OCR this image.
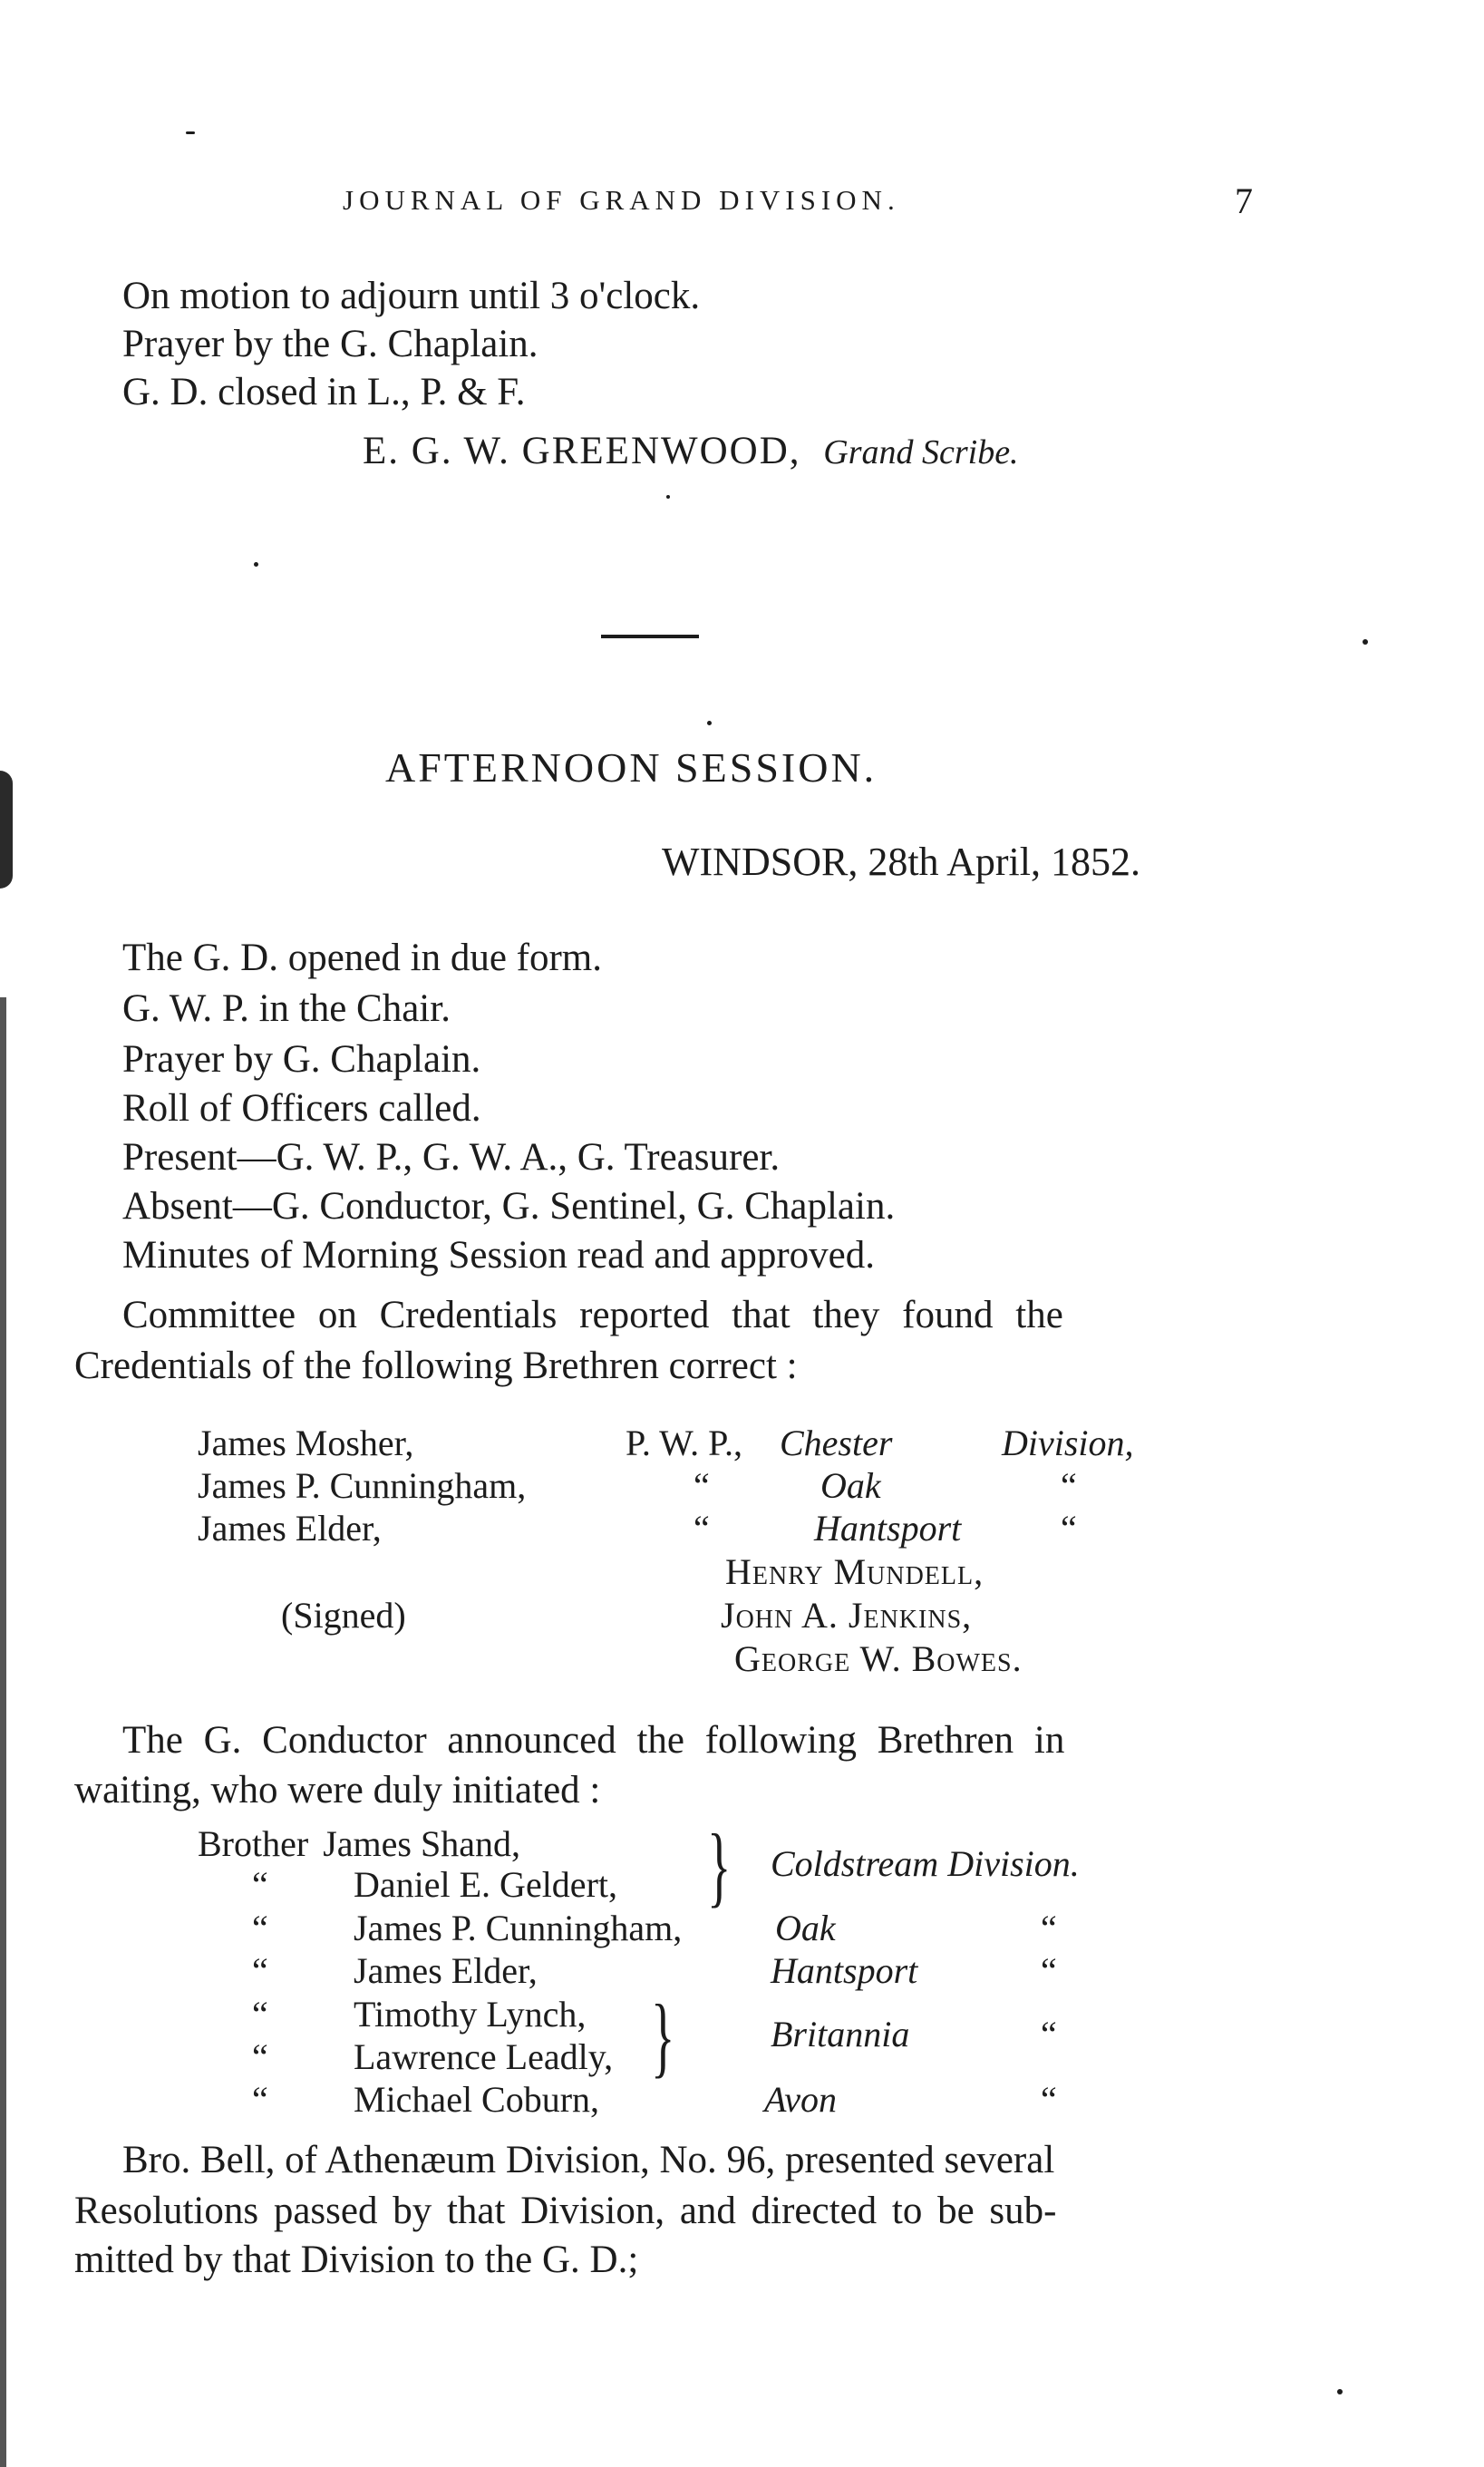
JOURNAL OF GRAND DIVISION.	7
On motion to adjourn until 3 o'clock.
Prayer by the G. Chaplain.
G. D. closed in L., P. & F.
E. G. W. GREENWOOD, Grand Scribe.
AFTERNOON SESSION.
WINDSOR, 28th April, 1852.
The G. D. opened in due form.
G. W. P. in the Chair.
Prayer by G. Chaplain.
Roll of Officers called.
Present—G. W. P., G. W. A., G. Treasurer.
Absent—G. Conductor, G. Sentinel, G. Chaplain.
Minutes of Morning Session read and approved.
Committee on Credentials reported that they found the
Credentials of the following Brethren correct :
James Mosher,	P. W. P., Chester	Division,
James P. Cunningham,	“	Oak	“
James Elder,	“	Hantsport	“
Henry Mundell,
(Signed)	John A. Jenkins,
George W. Bowes.
The G. Conductor announced the following Brethren in
waiting, who were duly initiated :
Brother James Shand,
“ Daniel E. Geldert, } Coldstream Division.
“ James P. Cunningham,	Oak	“
“ James Elder,	Hantsport	“
“ Timothy Lynch,
“ Lawrence Leadly, }	Britannia	“
“ Michael Coburn,	Avon	“
Bro. Bell, of Athenæum Division, No. 96, presented several
Resolutions passed by that Division, and directed to be sub-
mitted by that Division to the G. D.;
